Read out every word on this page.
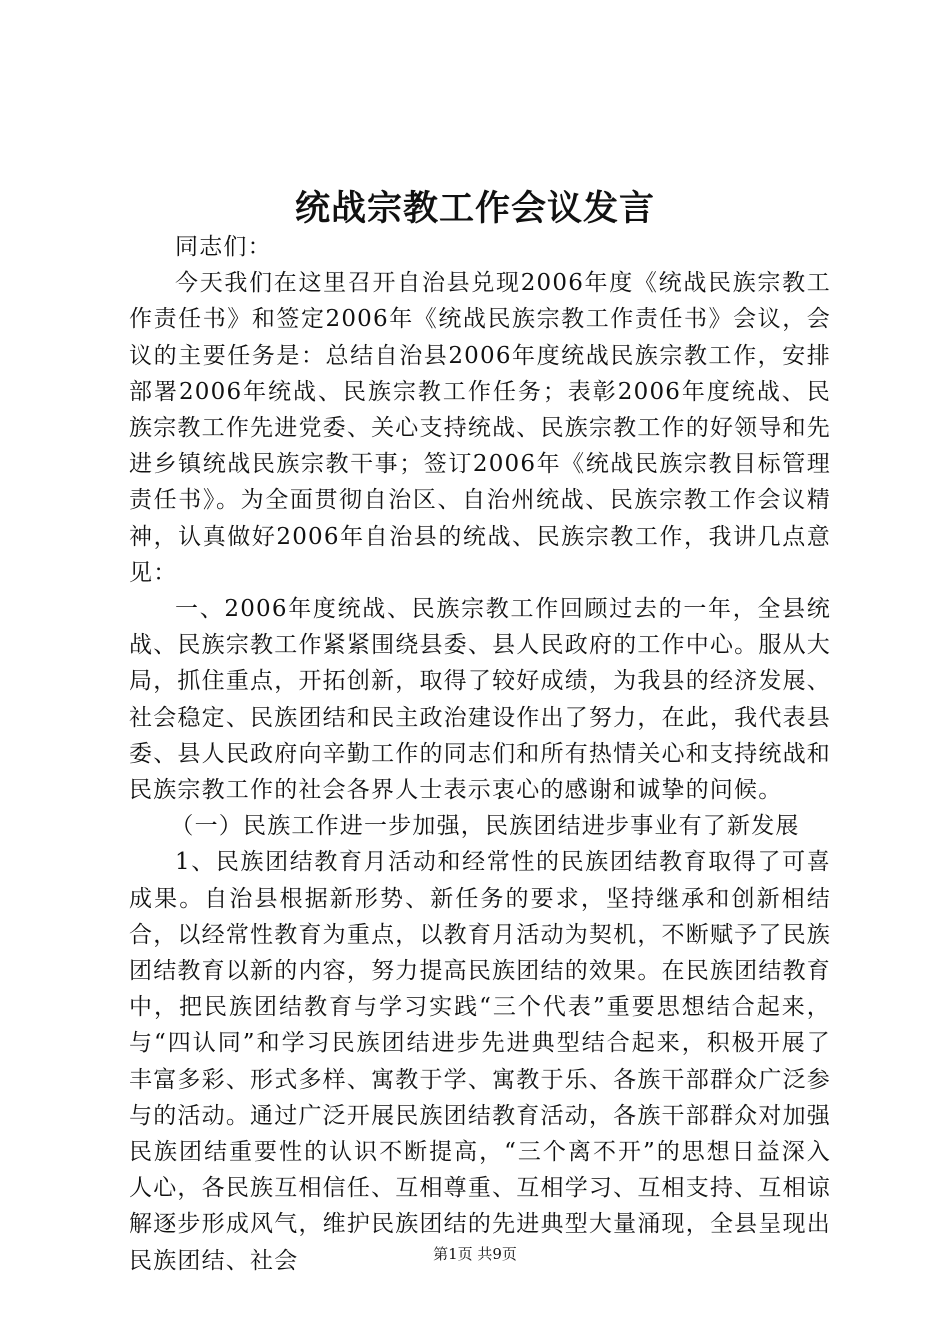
统战宗教工作会议发言

同志们：

今天我们在这里召开自治县兑现2006年度《统战民族宗教工作责任书》和签定2006年《统战民族宗教工作责任书》会议，会议的主要任务是：总结自治县2006年度统战民族宗教工作，安排部署2006年统战、民族宗教工作任务；表彰2006年度统战、民族宗教工作先进党委、关心支持统战、民族宗教工作的好领导和先进乡镇统战民族宗教干事；签订2006年《统战民族宗教目标管理责任书》。为全面贯彻自治区、自治州统战、民族宗教工作会议精神，认真做好2006年自治县的统战、民族宗教工作，我讲几点意见：

一、2006年度统战、民族宗教工作回顾过去的一年，全县统战、民族宗教工作紧紧围绕县委、县人民政府的工作中心。服从大局，抓住重点，开拓创新，取得了较好成绩，为我县的经济发展、社会稳定、民族团结和民主政治建设作出了努力，在此，我代表县委、县人民政府向辛勤工作的同志们和所有热情关心和支持统战和民族宗教工作的社会各界人士表示衷心的感谢和诚挚的问候。

（一）民族工作进一步加强，民族团结进步事业有了新发展

1、民族团结教育月活动和经常性的民族团结教育取得了可喜成果。自治县根据新形势、新任务的要求，坚持继承和创新相结合，以经常性教育为重点，以教育月活动为契机，不断赋予了民族团结教育以新的内容，努力提高民族团结的效果。在民族团结教育中，把民族团结教育与学习实践“三个代表”重要思想结合起来，与“四认同”和学习民族团结进步先进典型结合起来，积极开展了丰富多彩、形式多样、寓教于学、寓教于乐、各族干部群众广泛参与的活动。通过广泛开展民族团结教育活动，各族干部群众对加强民族团结重要性的认识不断提高，“三个离不开”的思想日益深入人心，各民族互相信任、互相尊重、互相学习、互相支持、互相谅解逐步形成风气，维护民族团结的先进典型大量涌现，全县呈现出民族团结、社会	第1页 共9页
